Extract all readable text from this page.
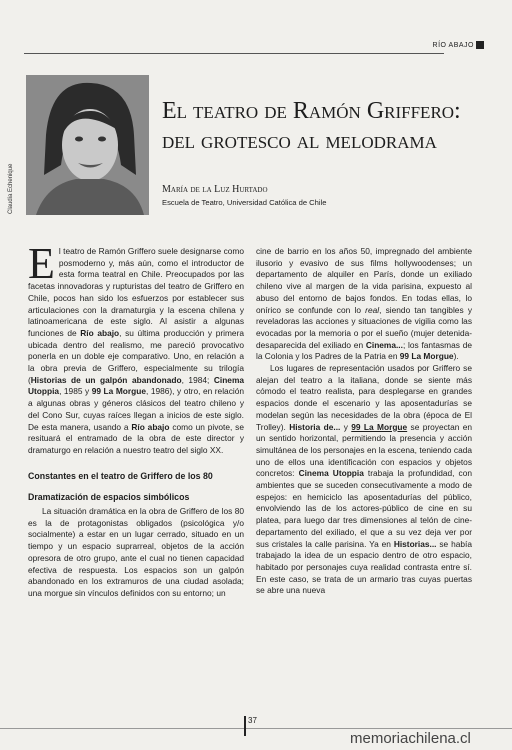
RÍO ABAJO
Claudia Echenique
El teatro de Ramón Griffero:
del grotesco al melodrama
María de la Luz Hurtado
Escuela de Teatro, Universidad Católica de Chile

El teatro de Ramón Griffero suele designarse como posmoderno y, más aún, como el introductor de esta forma teatral en Chile. Preocupados por las facetas innovadoras y rupturistas del teatro de Griffero en Chile, pocos han sido los esfuerzos por establecer sus articulaciones con la dramaturgia y la escena chilena y latinoamericana de este siglo. Al asistir a algunas funciones de Río abajo, su última producción y primera ubicada dentro del realismo, me pareció provocativo ponerla en un doble eje comparativo. Uno, en relación a la obra previa de Griffero, especialmente su trilogía (Historias de un galpón abandonado, 1984; Cinema Utoppia, 1985 y 99 La Morgue, 1986), y otro, en relación a algunas obras y géneros clásicos del teatro chileno y del Cono Sur, cuyas raíces llegan a inicios de este siglo. De esta manera, usando a Río abajo como un pivote, se resituará el entramado de la obra de este director y dramaturgo en relación a nuestro teatro del siglo XX.

Constantes en el teatro de Griffero de los 80

Dramatización de espacios simbólicos

La situación dramática en la obra de Griffero de los 80 es la de protagonistas obligados (psicológica y/o socialmente) a estar en un lugar cerrado, situado en un tiempo y un espacio suprarreal, objetos de la acción opresora de otro grupo, ante el cual no tienen capacidad efectiva de respuesta. Los espacios son un galpón abandonado en los extramuros de una ciudad asolada; una morgue sin vínculos definidos con su entorno; un

cine de barrio en los años 50, impregnado del ambiente ilusorio y evasivo de sus films hollywoodenses; un departamento de alquiler en París, donde un exiliado chileno vive al margen de la vida parisina, expuesto al abuso del entorno de bajos fondos. En todas ellas, lo onírico se confunde con lo real, siendo tan tangibles y reveladoras las acciones y situaciones de vigilia como las evocadas por la memoria o por el sueño (mujer detenida-desaparecida del exiliado en Cinema...; los fantasmas de la Colonia y los Padres de la Patria en 99 La Morgue).

Los lugares de representación usados por Griffero se alejan del teatro a la italiana, donde se siente más cómodo el teatro realista, para desplegarse en grandes espacios donde el escenario y las aposentadurías se modelan según las necesidades de la obra (época de El Trolley). Historia de... y 99 La Morgue se proyectan en un sentido horizontal, permitiendo la presencia y acción simultánea de los personajes en la escena, teniendo cada uno de ellos una identificación con espacios y objetos concretos: Cinema Utoppia trabaja la profundidad, con ambientes que se suceden consecutivamente a modo de espejos: en hemiciclo las aposentadurías del público, envolviendo las de los actores-público de cine en su platea, para luego dar tres dimensiones al telón de cine-departamento del exiliado, el que a su vez deja ver por sus cristales la calle parisina. Ya en Historias... se había trabajado la idea de un espacio dentro de otro espacio, habitado por personajes cuya realidad contrasta entre sí. En este caso, se trata de un armario tras cuyas puertas se abre una nueva

37
memoriachilena.cl
